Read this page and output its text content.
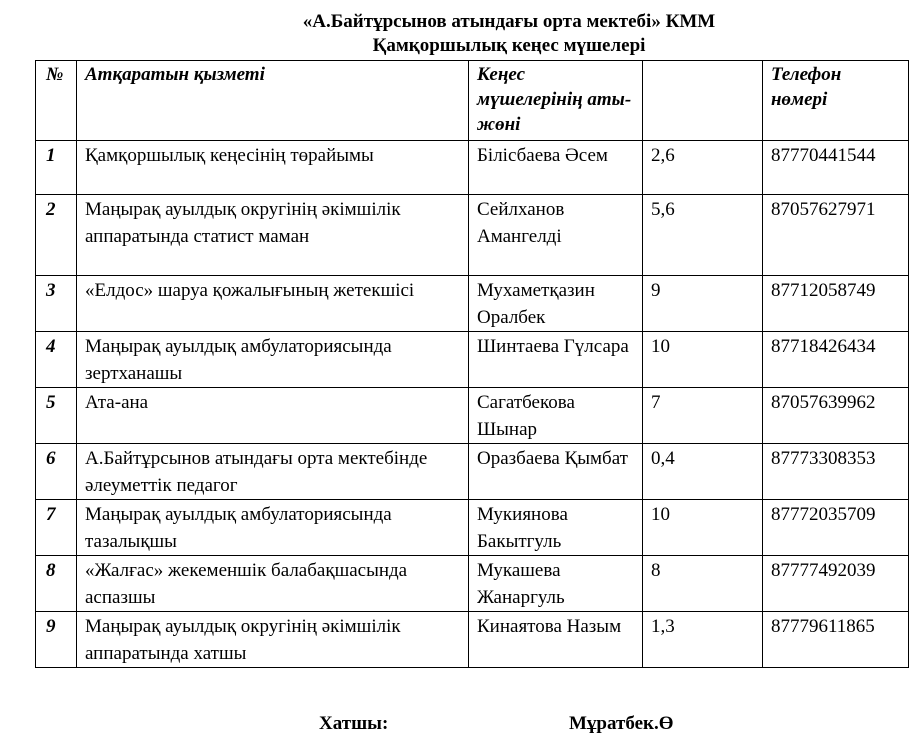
«А.Байтұрсынов атындағы орта мектебі» КММ
Қамқоршылық кеңес мүшелері
№	Атқаратын қызметі	Кеңес мүшелерінің аты-жөні		Телефон нөмері
1	Қамқоршылық кеңесінің төрайымы	Білісбаева Әсем	2,6	87770441544
2	Маңырақ ауылдық округінің әкімшілік аппаратында статист маман	Сейлханов Амангелді	5,6	87057627971
3	«Елдос» шаруа қожалығының жетекшісі	Мухаметқазин Оралбек	9	87712058749
4	Маңырақ ауылдық амбулаториясында зертханашы	Шинтаева Гүлсара	10	87718426434
5	Ата-ана	Сагатбекова Шынар	7	87057639962
6	А.Байтұрсынов атындағы орта мектебінде әлеуметтік педагог	Оразбаева Қымбат	0,4	87773308353
7	Маңырақ ауылдық амбулаториясында тазалықшы	Мукиянова Бакытгуль	10	87772035709
8	«Жалғас» жекеменшік балабақшасында аспазшы	Мукашева Жанаргуль	8	87777492039
9	Маңырақ ауылдық округінің әкімшілік аппаратында хатшы	Кинаятова Назым	1,3	87779611865
Хатшы:	Мұратбек.Ө
